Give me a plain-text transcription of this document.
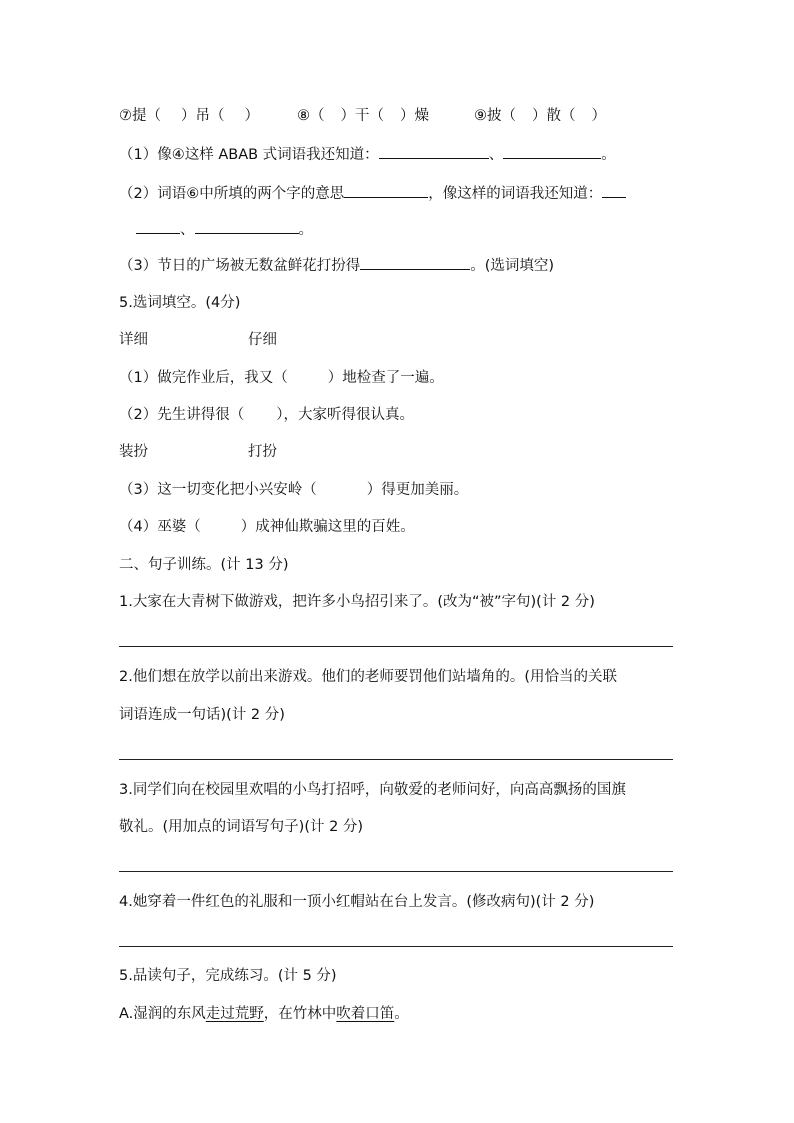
⑦提（ ）吊（ ）	⑧（ ）干（ ）燥	⑨披（ ）散（ ）
（1）像④这样 ABAB 式词语我还知道：	、	。
（2）词语⑥中所填的两个字的意思	，像这样的词语我还知道：
、	。
（3）节日的广场被无数盆鲜花打扮得	。(选词填空)
5.选词填空。(4分)
详细	仔细
（1）做完作业后，我又（	）地检查了一遍。
（2）先生讲得很（ ），大家听得很认真。
装扮	打扮
（3）这一切变化把小兴安岭（	）得更加美丽。
（4）巫婆（	）成神仙欺骗这里的百姓。
二、句子训练。(计 13 分)
1.大家在大青树下做游戏，把许多小鸟招引来了。(改为“被”字句)(计 2 分)
2.他们想在放学以前出来游戏。他们的老师要罚他们站墙角的。(用恰当的关联
词语连成一句话)(计 2 分)
3.同学们向在校园里欢唱的小鸟打招呼，向敬爱的老师问好，向高高飘扬的国旗
敬礼。(用加点的词语写句子)(计 2 分)
4.她穿着一件红色的礼服和一顶小红帽站在台上发言。(修改病句)(计 2 分)
5.品读句子，完成练习。(计 5 分)
A.湿润的东风走过荒野，在竹林中吹着口笛。
